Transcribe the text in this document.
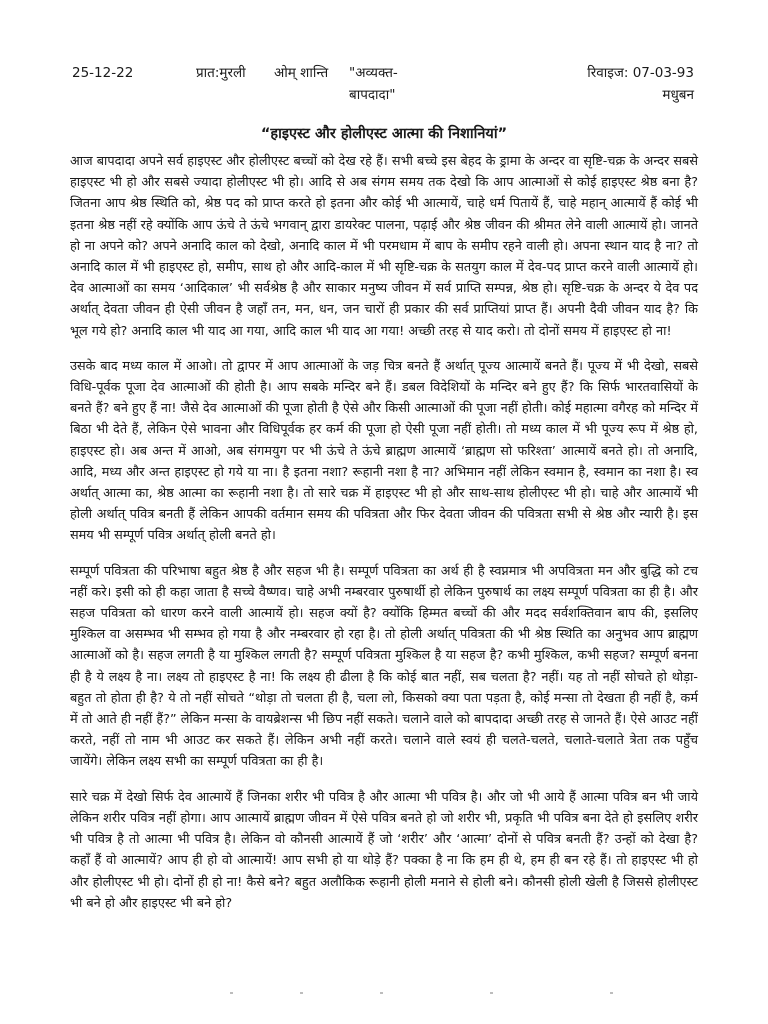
25-12-22	प्रात:मुरली ओम् शान्ति "अव्यक्त-बापदादा"
रिवाइज: 07-03-93
मधुबन
“हाइएस्ट और होलीएस्ट आत्मा की निशानियां”

आज बापदादा अपने सर्व हाइएस्ट और होलीएस्ट बच्चों को देख रहे हैं। सभी बच्चे इस बेहद के ड्रामा के अन्दर वा सृष्टि-चक्र के अन्दर सबसे हाइएस्ट भी हो और सबसे ज्यादा होलीएस्ट भी हो। आदि से अब संगम समय तक देखो कि आप आत्माओं से कोई हाइएस्ट श्रेष्ठ बना है? जितना आप श्रेष्ठ स्थिति को, श्रेष्ठ पद को प्राप्त करते हो इतना और कोई भी आत्मायें, चाहे धर्म पितायें हैं, चाहे महान् आत्मायें हैं कोई भी इतना श्रेष्ठ नहीं रहे क्योंकि आप ऊंचे ते ऊंचे भगवान् द्वारा डायरेक्ट पालना, पढ़ाई और श्रेष्ठ जीवन की श्रीमत लेने वाली आत्मायें हो। जानते हो ना अपने को? अपने अनादि काल को देखो, अनादि काल में भी परमधाम में बाप के समीप रहने वाली हो। अपना स्थान याद है ना? तो अनादि काल में भी हाइएस्ट हो, समीप, साथ हो और आदि-काल में भी सृष्टि-चक्र के सतयुग काल में देव-पद प्राप्त करने वाली आत्मायें हो। देव आत्माओं का समय ‘आदिकाल’ भी सर्वश्रेष्ठ है और साकार मनुष्य जीवन में सर्व प्राप्ति सम्पन्न, श्रेष्ठ हो। सृष्टि-चक्र के अन्दर ये देव पद अर्थात् देवता जीवन ही ऐसी जीवन है जहाँ तन, मन, धन, जन चारों ही प्रकार की सर्व प्राप्तियां प्राप्त हैं। अपनी दैवी जीवन याद है? कि भूल गये हो? अनादि काल भी याद आ गया, आदि काल भी याद आ गया! अच्छी तरह से याद करो। तो दोनों समय में हाइएस्ट हो ना!

उसके बाद मध्य काल में आओ। तो द्वापर में आप आत्माओं के जड़ चित्र बनते हैं अर्थात् पूज्य आत्मायें बनते हैं। पूज्य में भी देखो, सबसे विधि-पूर्वक पूजा देव आत्माओं की होती है। आप सबके मन्दिर बने हैं। डबल विदेशियों के मन्दिर बने हुए हैं? कि सिर्फ भारतवासियों के बनते हैं? बने हुए हैं ना! जैसे देव आत्माओं की पूजा होती है ऐसे और किसी आत्माओं की पूजा नहीं होती। कोई महात्मा वगैरह को मन्दिर में बिठा भी देते हैं, लेकिन ऐसे भावना और विधिपूर्वक हर कर्म की पूजा हो ऐसी पूजा नहीं होती। तो मध्य काल में भी पूज्य रूप में श्रेष्ठ हो, हाइएस्ट हो। अब अन्त में आओ, अब संगमयुग पर भी ऊंचे ते ऊंचे ब्राह्मण आत्मायें ‘ब्राह्मण सो फरिश्ता’ आत्मायें बनते हो। तो अनादि, आदि, मध्य और अन्त हाइएस्ट हो गये या ना। है इतना नशा? रूहानी नशा है ना? अभिमान नहीं लेकिन स्वमान है, स्वमान का नशा है। स्व अर्थात् आत्मा का, श्रेष्ठ आत्मा का रूहानी नशा है। तो सारे चक्र में हाइएस्ट भी हो और साथ-साथ होलीएस्ट भी हो। चाहे और आत्मायें भी होली अर्थात् पवित्र बनती हैं लेकिन आपकी वर्तमान समय की पवित्रता और फिर देवता जीवन की पवित्रता सभी से श्रेष्ठ और न्यारी है। इस समय भी सम्पूर्ण पवित्र अर्थात् होली बनते हो।

सम्पूर्ण पवित्रता की परिभाषा बहुत श्रेष्ठ है और सहज भी है। सम्पूर्ण पवित्रता का अर्थ ही है स्वप्नमात्र भी अपवित्रता मन और बुद्धि को टच नहीं करे। इसी को ही कहा जाता है सच्चे वैष्णव। चाहे अभी नम्बरवार पुरुषार्थी हो लेकिन पुरुषार्थ का लक्ष्य सम्पूर्ण पवित्रता का ही है। और सहज पवित्रता को धारण करने वाली आत्मायें हो। सहज क्यों है? क्योंकि हिम्मत बच्चों की और मदद सर्वशक्तिवान बाप की, इसलिए मुश्किल वा असम्भव भी सम्भव हो गया है और नम्बरवार हो रहा है। तो होली अर्थात् पवित्रता की भी श्रेष्ठ स्थिति का अनुभव आप ब्राह्मण आत्माओं को है। सहज लगती है या मुश्किल लगती है? सम्पूर्ण पवित्रता मुश्किल है या सहज है? कभी मुश्किल, कभी सहज? सम्पूर्ण बनना ही है ये लक्ष्य है ना। लक्ष्य तो हाइएस्ट है ना! कि लक्ष्य ही ढीला है कि कोई बात नहीं, सब चलता है? नहीं। यह तो नहीं सोचते हो थोड़ा-बहुत तो होता ही है? ये तो नहीं सोचते “थोड़ा तो चलता ही है, चला लो, किसको क्या पता पड़ता है, कोई मन्सा तो देखता ही नहीं है, कर्म में तो आते ही नहीं हैं?” लेकिन मन्सा के वायब्रेशन्स भी छिप नहीं सकते। चलाने वाले को बापदादा अच्छी तरह से जानते हैं। ऐसे आउट नहीं करते, नहीं तो नाम भी आउट कर सकते हैं। लेकिन अभी नहीं करते। चलाने वाले स्वयं ही चलते-चलते, चलाते-चलाते त्रेता तक पहुँच जायेंगे। लेकिन लक्ष्य सभी का सम्पूर्ण पवित्रता का ही है।

सारे चक्र में देखो सिर्फ देव आत्मायें हैं जिनका शरीर भी पवित्र है और आत्मा भी पवित्र है। और जो भी आये हैं आत्मा पवित्र बन भी जाये लेकिन शरीर पवित्र नहीं होगा। आप आत्मायें ब्राह्मण जीवन में ऐसे पवित्र बनते हो जो शरीर भी, प्रकृति भी पवित्र बना देते हो इसलिए शरीर भी पवित्र है तो आत्मा भी पवित्र है। लेकिन वो कौनसी आत्मायें हैं जो ‘शरीर’ और ‘आत्मा’ दोनों से पवित्र बनती हैं? उन्हों को देखा है? कहाँ हैं वो आत्मायें? आप ही हो वो आत्मायें! आप सभी हो या थोड़े हैं? पक्का है ना कि हम ही थे, हम ही बन रहे हैं। तो हाइएस्ट भी हो और होलीएस्ट भी हो। दोनों ही हो ना! कैसे बने? बहुत अलौकिक रूहानी होली मनाने से होली बने। कौनसी होली खेली है जिससे होलीएस्ट भी बने हो और हाइएस्ट भी बने हो?
